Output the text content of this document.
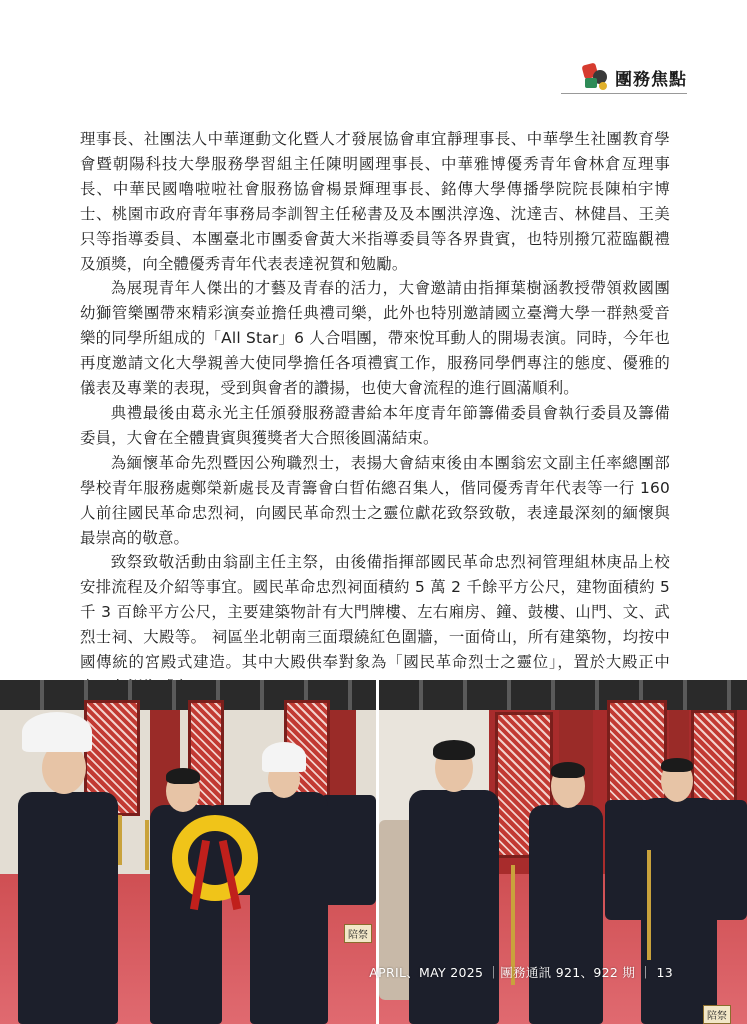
團務焦點

理事長、社團法人中華運動文化暨人才發展協會車宜靜理事長、中華學生社團教育學會暨朝陽科技大學服務學習組主任陳明國理事長、中華雅博優秀青年會林倉亙理事長、中華民國嚕啦啦社會服務協會楊景輝理事長、銘傳大學傳播學院院長陳柏宇博士、桃園市政府青年事務局李訓智主任秘書及及本團洪淳逸、沈達吉、林健昌、王美只等指導委員、本團臺北市團委會黃大米指導委員等各界貴賓，也特別撥冗蒞臨觀禮及頒獎，向全體優秀青年代表表達祝賀和勉勵。

為展現青年人傑出的才藝及青春的活力，大會邀請由指揮葉樹涵教授帶領救國團幼獅管樂團帶來精彩演奏並擔任典禮司樂，此外也特別邀請國立臺灣大學一群熱愛音樂的同學所組成的「All Star」6 人合唱團，帶來悅耳動人的開場表演。同時，今年也再度邀請文化大學親善大使同學擔任各項禮賓工作，服務同學們專注的態度、優雅的儀表及專業的表現，受到與會者的讚揚，也使大會流程的進行圓滿順利。

典禮最後由葛永光主任頒發服務證書給本年度青年節籌備委員會執行委員及籌備委員，大會在全體貴賓與獲獎者大合照後圓滿結束。

為緬懷革命先烈暨因公殉職烈士，表揚大會結束後由本團翁宏文副主任率總團部學校青年服務處鄭榮新處長及青籌會白晢佑總召集人，偕同優秀青年代表等一行 160 人前往國民革命忠烈祠，向國民革命烈士之靈位獻花致祭致敬，表達最深刻的緬懷與最崇高的敬意。

致祭致敬活動由翁副主任主祭，由後備指揮部國民革命忠烈祠管理組林庚品上校安排流程及介紹等事宜。國民革命忠烈祠面積約 5 萬 2 千餘平方公尺，建物面積約 5 千 3 百餘平方公尺，主要建築物計有大門牌樓、左右廂房、鐘、鼓樓、山門、文、武烈士祠、大殿等。 祠區坐北朝南三面環繞紅色圍牆，一面倚山，所有建築物，均按中國傳統的宮殿式建造。其中大殿供奉對象為「國民革命烈士之靈位」，置於大殿正中

陪祭
陪祭
APRIL、MAY 2025 ｜團務通訊 921、922 期 ｜ 13
